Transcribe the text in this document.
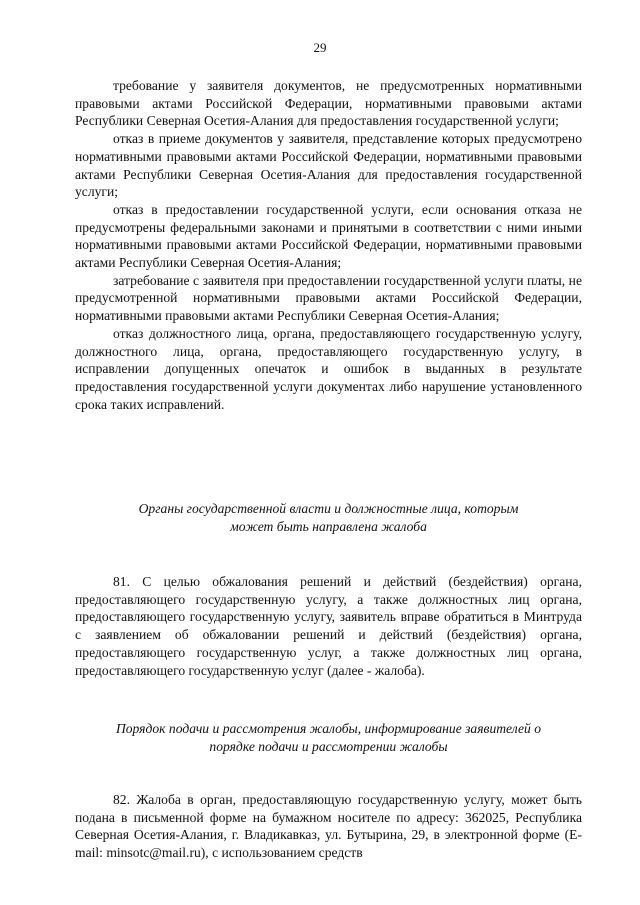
29

требование у заявителя документов, не предусмотренных нормативными правовыми актами Российской Федерации, нормативными правовыми актами Республики Северная Осетия-Алания для предоставления государственной услуги;

отказ в приеме документов у заявителя, представление которых предусмотрено нормативными правовыми актами Российской Федерации, нормативными правовыми актами Республики Северная Осетия-Алания для предоставления государственной услуги;

отказ в предоставлении государственной услуги, если основания отказа не предусмотрены федеральными законами и принятыми в соответствии с ними иными нормативными правовыми актами Российской Федерации, нормативными правовыми актами Республики Северная Осетия-Алания;

затребование с заявителя при предоставлении государственной услуги платы, не предусмотренной нормативными правовыми актами Российской Федерации, нормативными правовыми актами Республики Северная Осетия-Алания;

отказ должностного лица, органа, предоставляющего государственную услугу, должностного лица, органа, предоставляющего государственную услугу, в исправлении допущенных опечаток и ошибок в выданных в результате предоставления государственной услуги документах либо нарушение установленного срока таких исправлений.

Органы государственной власти и должностные лица, которым
может быть направлена жалоба

81. С целью обжалования решений и действий (бездействия) органа, предоставляющего государственную услугу, а также должностных лиц органа, предоставляющего государственную услугу, заявитель вправе обратиться в Минтруда с заявлением об обжаловании решений и действий (бездействия) органа, предоставляющего государственную услуг, а также должностных лиц органа, предоставляющего государственную услуг (далее - жалоба).

Порядок подачи и рассмотрения жалобы, информирование заявителей о
порядке подачи и рассмотрении жалобы

82. Жалоба в орган, предоставляющую государственную услугу, может быть подана в письменной форме на бумажном носителе по адресу: 362025, Республика Северная Осетия-Алания, г. Владикавказ, ул. Бутырина, 29, в электронной форме (E-mail: minsotc@mail.ru), с использованием средств
